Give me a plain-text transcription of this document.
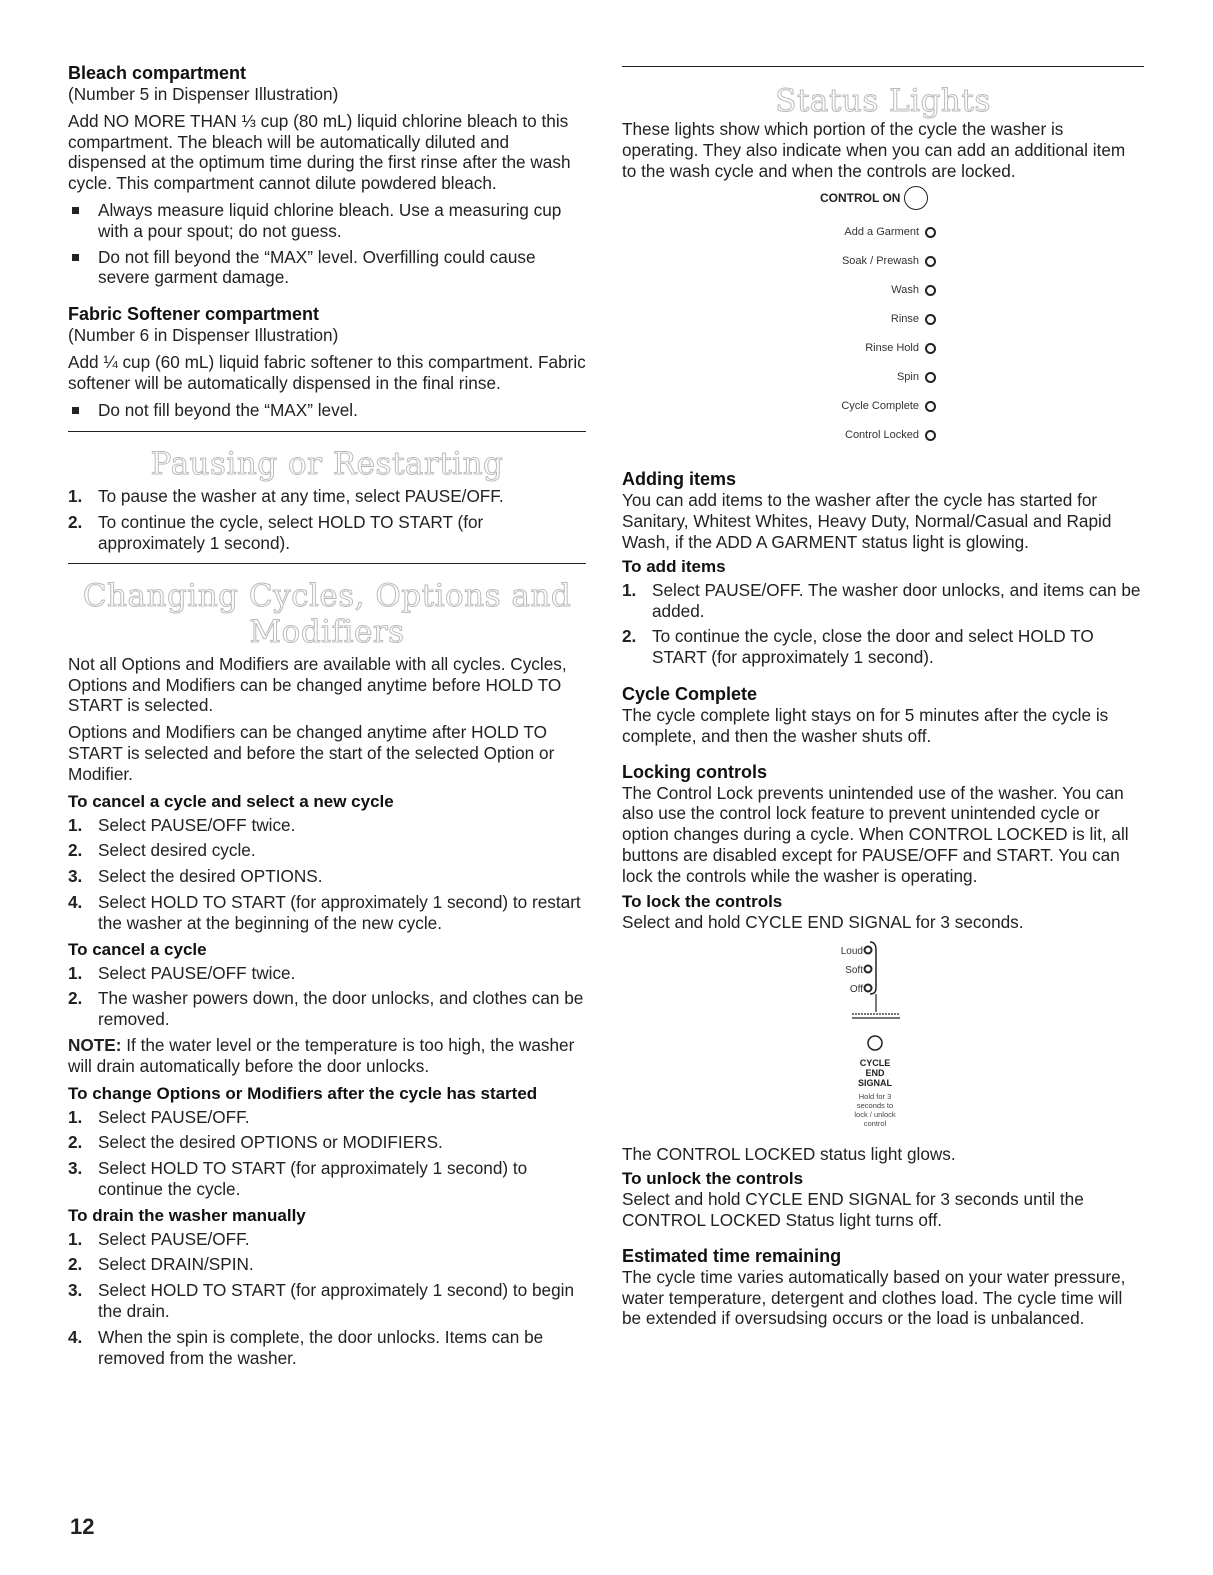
Bleach compartment

(Number 5 in Dispenser Illustration)

Add NO MORE THAN ⅓ cup (80 mL) liquid chlorine bleach to this compartment. The bleach will be automatically diluted and dispensed at the optimum time during the first rinse after the wash cycle. This compartment cannot dilute powdered bleach.

Always measure liquid chlorine bleach. Use a measuring cup with a pour spout; do not guess.
Do not fill beyond the “MAX” level. Overfilling could cause severe garment damage.
Fabric Softener compartment

(Number 6 in Dispenser Illustration)

Add ¼ cup (60 mL) liquid fabric softener to this compartment. Fabric softener will be automatically dispensed in the final rinse.

Do not fill beyond the “MAX” level.
Pausing or Restarting
1. To pause the washer at any time, select PAUSE/OFF.
2. To continue the cycle, select HOLD TO START (for approximately 1 second).
Changing Cycles, Options and
Modifiers

Not all Options and Modifiers are available with all cycles. Cycles, Options and Modifiers can be changed anytime before HOLD TO START is selected.

Options and Modifiers can be changed anytime after HOLD TO START is selected and before the start of the selected Option or Modifier.

To cancel a cycle and select a new cycle
1. Select PAUSE/OFF twice.
2. Select desired cycle.
3. Select the desired OPTIONS.
4. Select HOLD TO START (for approximately 1 second) to restart the washer at the beginning of the new cycle.
To cancel a cycle
1. Select PAUSE/OFF twice.
2. The washer powers down, the door unlocks, and clothes can be removed.

NOTE: If the water level or the temperature is too high, the washer will drain automatically before the door unlocks.

To change Options or Modifiers after the cycle has started
1. Select PAUSE/OFF.
2. Select the desired OPTIONS or MODIFIERS.
3. Select HOLD TO START (for approximately 1 second) to continue the cycle.
To drain the washer manually
1. Select PAUSE/OFF.
2. Select DRAIN/SPIN.
3. Select HOLD TO START (for approximately 1 second) to begin the drain.
4. When the spin is complete, the door unlocks. Items can be removed from the washer.
Status Lights

These lights show which portion of the cycle the washer is operating. They also indicate when you can add an additional item to the wash cycle and when the controls are locked.

CONTROL ON
Add a Garment
Soak / Prewash
Wash
Rinse
Rinse Hold
Spin
Cycle Complete
Control Locked
Adding items

You can add items to the washer after the cycle has started for Sanitary, Whitest Whites, Heavy Duty, Normal/Casual and Rapid Wash, if the ADD A GARMENT status light is glowing.

To add items
1. Select PAUSE/OFF. The washer door unlocks, and items can be added.
2. To continue the cycle, close the door and select HOLD TO START (for approximately 1 second).
Cycle Complete

The cycle complete light stays on for 5 minutes after the cycle is complete, and then the washer shuts off.

Locking controls

The Control Lock prevents unintended use of the washer. You can also use the control lock feature to prevent unintended cycle or option changes during a cycle. When CONTROL LOCKED is lit, all buttons are disabled except for PAUSE/OFF and START. You can lock the controls while the washer is operating.

To lock the controls

Select and hold CYCLE END SIGNAL for 3 seconds.

Loud
Soft
Off
CYCLE
END
SIGNAL
Hold for 3
seconds to
lock / unlock
control

The CONTROL LOCKED status light glows.

To unlock the controls

Select and hold CYCLE END SIGNAL for 3 seconds until the CONTROL LOCKED Status light turns off.

Estimated time remaining

The cycle time varies automatically based on your water pressure, water temperature, detergent and clothes load. The cycle time will be extended if oversudsing occurs or the load is unbalanced.

12
